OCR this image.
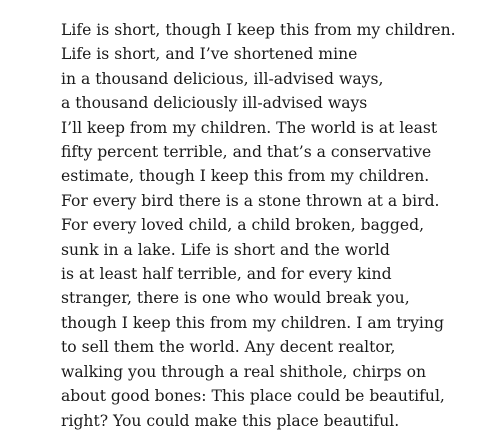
Life is short, though I keep this from my children.
Life is short, and I’ve shortened mine
in a thousand delicious, ill-advised ways,
a thousand deliciously ill-advised ways
I’ll keep from my children. The world is at least
fifty percent terrible, and that’s a conservative
estimate, though I keep this from my children.
For every bird there is a stone thrown at a bird.
For every loved child, a child broken, bagged,
sunk in a lake. Life is short and the world
is at least half terrible, and for every kind
stranger, there is one who would break you,
though I keep this from my children. I am trying
to sell them the world. Any decent realtor,
walking you through a real shithole, chirps on
about good bones: This place could be beautiful,
right? You could make this place beautiful.
